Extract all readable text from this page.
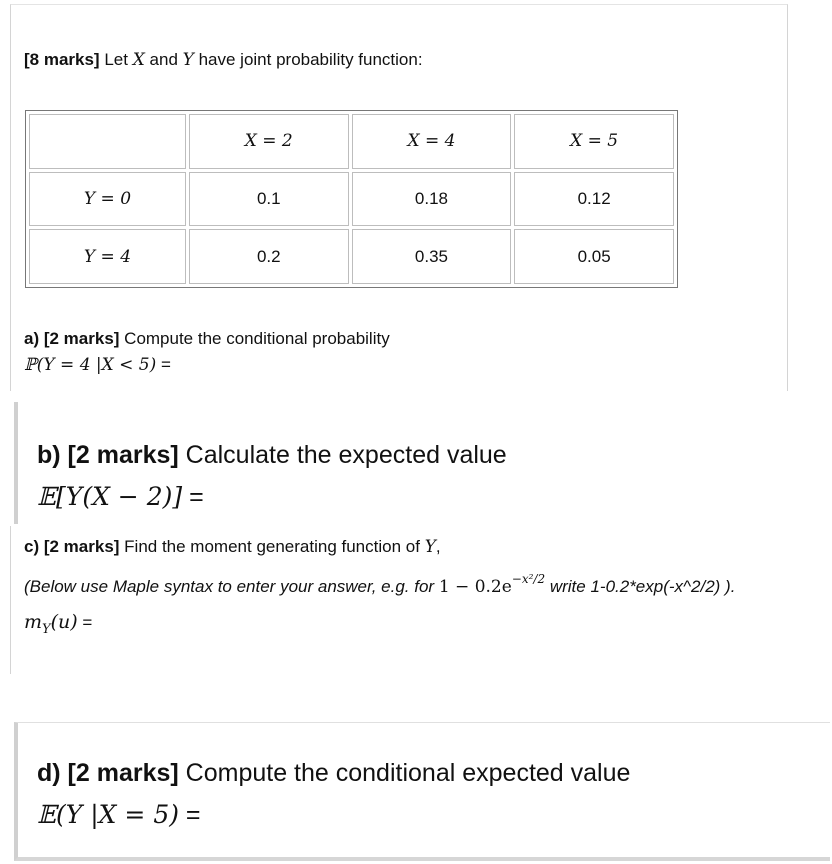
[8 marks] Let X and Y have joint probability function:
	X = 2	X = 4	X = 5
Y = 0	0.1	0.18	0.12
Y = 4	0.2	0.35	0.05
a) [2 marks] Compute the conditional probability
ℙ(Y = 4 |X < 5) =
b) [2 marks] Calculate the expected value
𝔼[Y(X − 2)] =
c) [2 marks] Find the moment generating function of Y,
(Below use Maple syntax to enter your answer, e.g. for $1 - 0.2e^{-x^2/2}$ write 1-0.2*exp(-x^2/2) ).
$m_Y(u)$ =
d) [2 marks] Compute the conditional expected value
𝔼(Y |X = 5) =
